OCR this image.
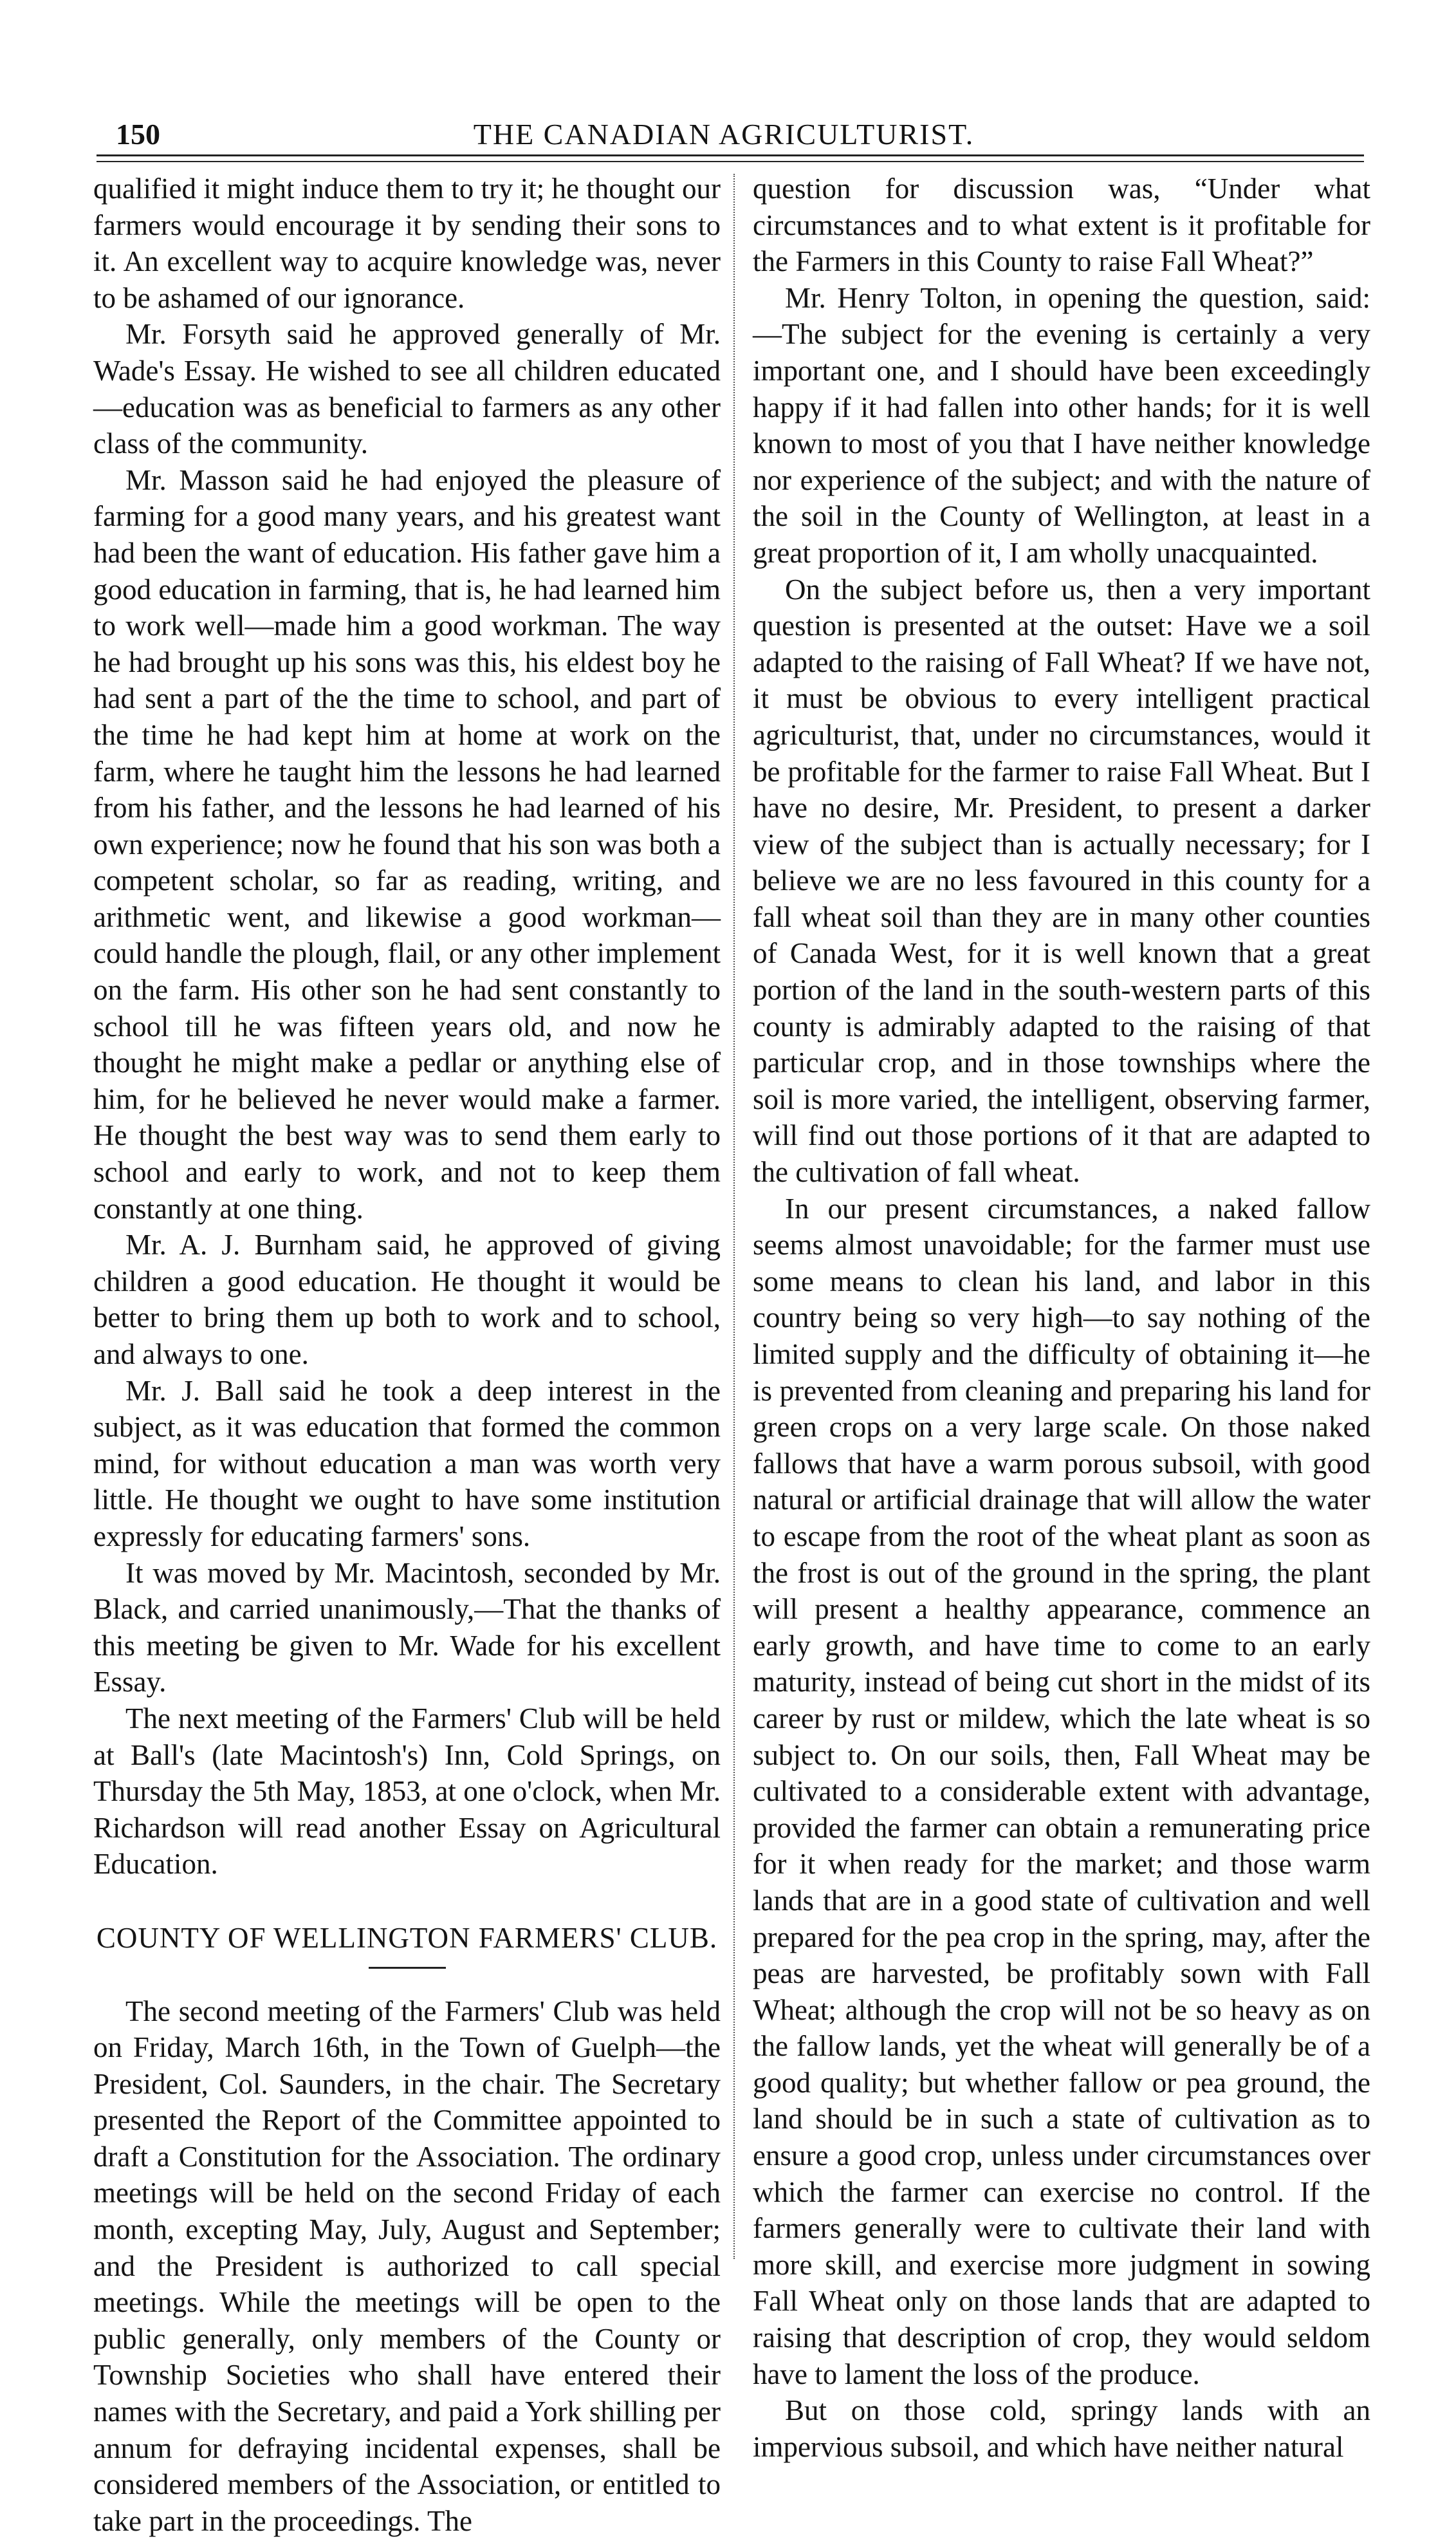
150	THE CANADIAN AGRICULTURIST.

qualified it might induce them to try it; he thought our farmers would encourage it by sending their sons to it. An excellent way to acquire knowledge was, never to be ashamed of our ignorance.

Mr. Forsyth said he approved generally of Mr. Wade's Essay. He wished to see all children educated—education was as beneficial to farmers as any other class of the community.

Mr. Masson said he had enjoyed the pleasure of farming for a good many years, and his greatest want had been the want of education. His father gave him a good education in farming, that is, he had learned him to work well—made him a good workman. The way he had brought up his sons was this, his eldest boy he had sent a part of the the time to school, and part of the time he had kept him at home at work on the farm, where he taught him the lessons he had learned from his father, and the lessons he had learned of his own experience; now he found that his son was both a competent scholar, so far as reading, writing, and arithmetic went, and likewise a good workman—could handle the plough, flail, or any other implement on the farm. His other son he had sent constantly to school till he was fifteen years old, and now he thought he might make a pedlar or anything else of him, for he believed he never would make a farmer. He thought the best way was to send them early to school and early to work, and not to keep them constantly at one thing.

Mr. A. J. Burnham said, he approved of giving children a good education. He thought it would be better to bring them up both to work and to school, and always to one.

Mr. J. Ball said he took a deep interest in the subject, as it was education that formed the common mind, for without education a man was worth very little. He thought we ought to have some institution expressly for educating farmers' sons.

It was moved by Mr. Macintosh, seconded by Mr. Black, and carried unanimously,—That the thanks of this meeting be given to Mr. Wade for his excellent Essay.

The next meeting of the Farmers' Club will be held at Ball's (late Macintosh's) Inn, Cold Springs, on Thursday the 5th May, 1853, at one o'clock, when Mr. Richardson will read another Essay on Agricultural Education.

COUNTY OF WELLINGTON FARMERS' CLUB.

The second meeting of the Farmers' Club was held on Friday, March 16th, in the Town of Guelph—the President, Col. Saunders, in the chair. The Secretary presented the Report of the Committee appointed to draft a Constitution for the Association. The ordinary meetings will be held on the second Friday of each month, excepting May, July, August and September; and the President is authorized to call special meetings. While the meetings will be open to the public generally, only members of the County or Township Societies who shall have entered their names with the Secretary, and paid a York shilling per annum for defraying incidental expenses, shall be considered members of the Association, or entitled to take part in the proceedings. The

question for discussion was, “Under what circumstances and to what extent is it profitable for the Farmers in this County to raise Fall Wheat?”

Mr. Henry Tolton, in opening the question, said:—The subject for the evening is certainly a very important one, and I should have been exceedingly happy if it had fallen into other hands; for it is well known to most of you that I have neither knowledge nor experience of the subject; and with the nature of the soil in the County of Wellington, at least in a great proportion of it, I am wholly unacquainted.

On the subject before us, then a very important question is presented at the outset: Have we a soil adapted to the raising of Fall Wheat? If we have not, it must be obvious to every intelligent practical agriculturist, that, under no circumstances, would it be profitable for the farmer to raise Fall Wheat. But I have no desire, Mr. President, to present a darker view of the subject than is actually necessary; for I believe we are no less favoured in this county for a fall wheat soil than they are in many other counties of Canada West, for it is well known that a great portion of the land in the south-western parts of this county is admirably adapted to the raising of that particular crop, and in those townships where the soil is more varied, the intelligent, observing farmer, will find out those portions of it that are adapted to the cultivation of fall wheat.

In our present circumstances, a naked fallow seems almost unavoidable; for the farmer must use some means to clean his land, and labor in this country being so very high—to say nothing of the limited supply and the difficulty of obtaining it—he is prevented from cleaning and preparing his land for green crops on a very large scale. On those naked fallows that have a warm porous subsoil, with good natural or artificial drainage that will allow the water to escape from the root of the wheat plant as soon as the frost is out of the ground in the spring, the plant will present a healthy appearance, commence an early growth, and have time to come to an early maturity, instead of being cut short in the midst of its career by rust or mildew, which the late wheat is so subject to. On our soils, then, Fall Wheat may be cultivated to a considerable extent with advantage, provided the farmer can obtain a remunerating price for it when ready for the market; and those warm lands that are in a good state of cultivation and well prepared for the pea crop in the spring, may, after the peas are harvested, be profitably sown with Fall Wheat; although the crop will not be so heavy as on the fallow lands, yet the wheat will generally be of a good quality; but whether fallow or pea ground, the land should be in such a state of cultivation as to ensure a good crop, unless under circumstances over which the farmer can exercise no control. If the farmers generally were to cultivate their land with more skill, and exercise more judgment in sowing Fall Wheat only on those lands that are adapted to raising that description of crop, they would seldom have to lament the loss of the produce.

But on those cold, springy lands with an impervious subsoil, and which have neither natural
